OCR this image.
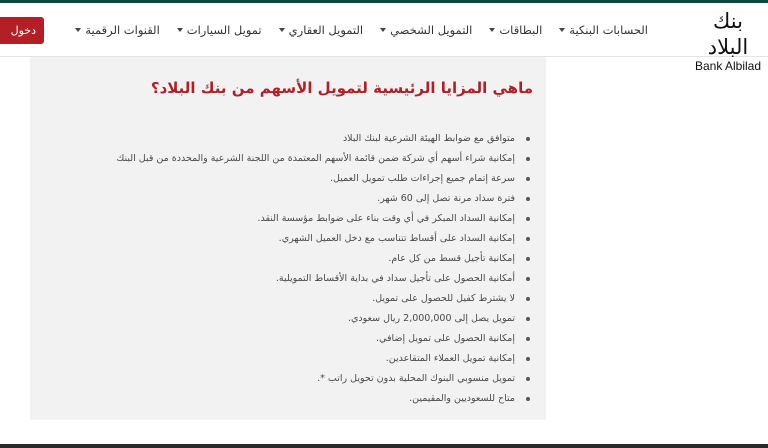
بنك البلاد
Bank Albilad
الحسابات البنكية
البطاقات
التمويل الشخصي
التمويل العقاري
تمويل السيارات
القنوات الرقمية
دخول
ماهي المزايا الرئيسية لتمويل الأسهم من بنك البلاد؟
متوافق مع ضوابط الهيئة الشرعية لبنك البلاد
إمكانية شراء أسهم أي شركة ضمن قائمة الأسهم المعتمدة من اللجنة الشرعية والمحددة من قبل البنك
سرعة إتمام جميع إجراءات طلب تمويل العميل.
فترة سداد مرنة تصل إلى 60 شهر.
إمكانية السداد المبكر في أي وقت بناء على ضوابط مؤسسة النقد.
إمكانية السداد على أقساط تتناسب مع دخل العميل الشهري.
إمكانية تأجيل قسط من كل عام.
أمكانية الحصول على تأجيل سداد في بداية الأقساط التمويلية.
لا يشترط كفيل للحصول على تمويل.
تمويل يصل إلى 2,000,000 ريال سعودي.
إمكانية الحصول على تمويل إضافي.
إمكانية تمويل العملاء المتقاعدين.
تمويل منسوبي البنوك المحلية بدون تحويل راتب *.
متاح للسعوديين والمقيمين.
